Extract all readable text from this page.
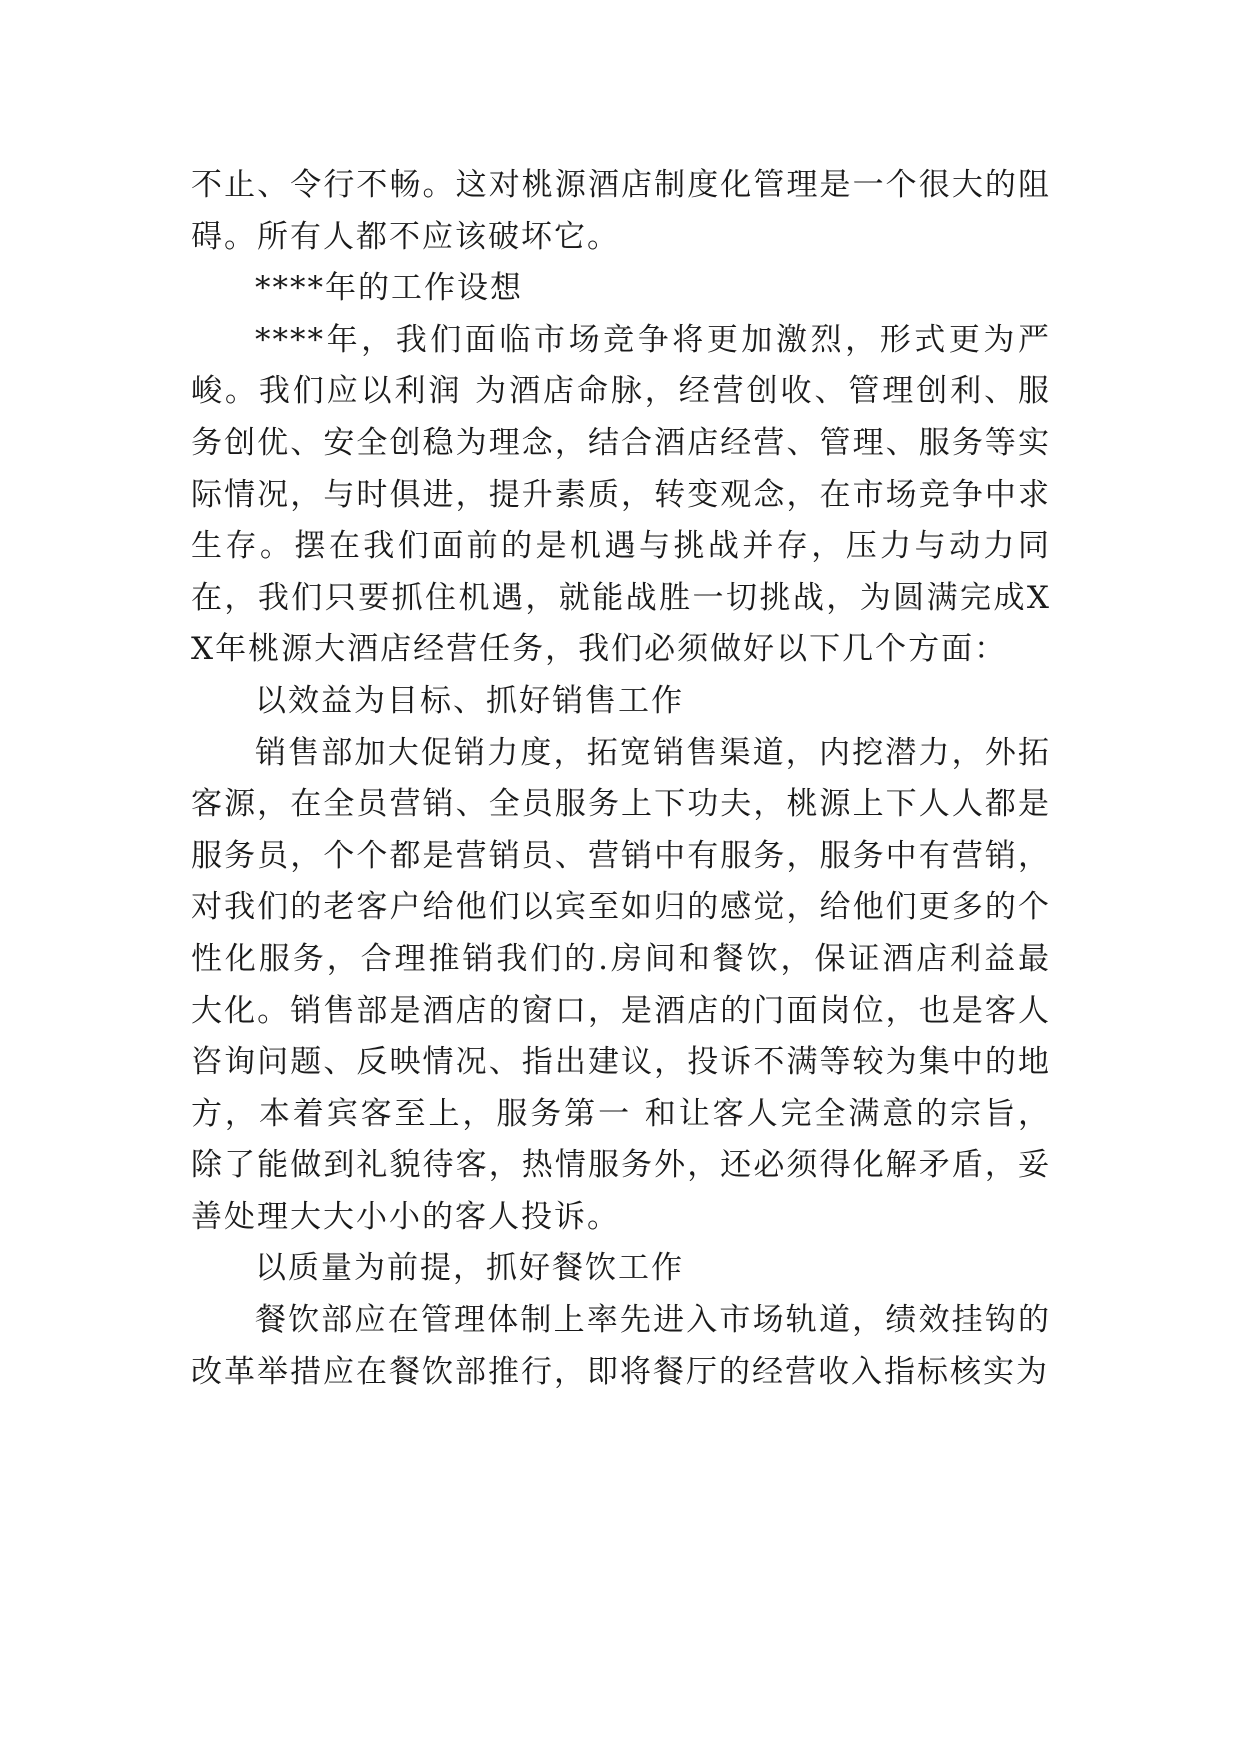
不止、令行不畅。这对桃源酒店制度化管理是一个很大的阻碍。所有人都不应该破坏它。

****年的工作设想

****年，我们面临市场竞争将更加激烈，形式更为严峻。我们应以利润 为酒店命脉，经营创收、管理创利、服务创优、安全创稳为理念，结合酒店经营、管理、服务等实际情况，与时俱进，提升素质，转变观念，在市场竞争中求生存。摆在我们面前的是机遇与挑战并存，压力与动力同在，我们只要抓住机遇，就能战胜一切挑战，为圆满完成XX年桃源大酒店经营任务，我们必须做好以下几个方面：

以效益为目标、抓好销售工作

销售部加大促销力度，拓宽销售渠道，内挖潜力，外拓客源，在全员营销、全员服务上下功夫，桃源上下人人都是服务员，个个都是营销员、营销中有服务，服务中有营销，对我们的老客户给他们以宾至如归的感觉，给他们更多的个性化服务，合理推销我们的.房间和餐饮，保证酒店利益最大化。销售部是酒店的窗口，是酒店的门面岗位，也是客人咨询问题、反映情况、指出建议，投诉不满等较为集中的地方，本着宾客至上，服务第一 和让客人完全满意的宗旨，除了能做到礼貌待客，热情服务外，还必须得化解矛盾，妥善处理大大小小的客人投诉。

以质量为前提，抓好餐饮工作

餐饮部应在管理体制上率先进入市场轨道，绩效挂钩的改革举措应在餐饮部推行，即将餐厅的经营收入指标核实为
